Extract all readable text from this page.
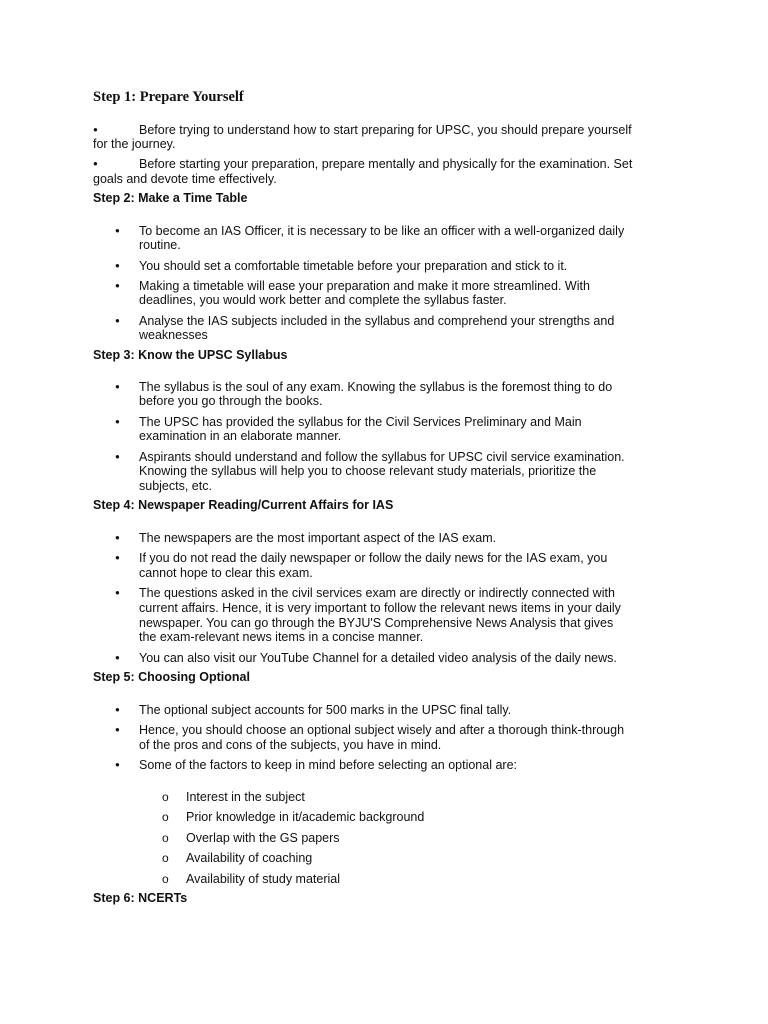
Step 1: Prepare Yourself
●	Before trying to understand how to start preparing for UPSC, you should prepare yourself
for the journey.
●	Before starting your preparation, prepare mentally and physically for the examination. Set
goals and devote time effectively.
Step 2: Make a Time Table
● To become an IAS Officer, it is necessary to be like an officer with a well-organized daily
routine.
● You should set a comfortable timetable before your preparation and stick to it.
● Making a timetable will ease your preparation and make it more streamlined. With
deadlines, you would work better and complete the syllabus faster.
● Analyse the IAS subjects included in the syllabus and comprehend your strengths and
weaknesses
Step 3: Know the UPSC Syllabus
● The syllabus is the soul of any exam. Knowing the syllabus is the foremost thing to do
before you go through the books.
● The UPSC has provided the syllabus for the Civil Services Preliminary and Main
examination in an elaborate manner.
● Aspirants should understand and follow the syllabus for UPSC civil service examination.
Knowing the syllabus will help you to choose relevant study materials, prioritize the
subjects, etc.
Step 4: Newspaper Reading/Current Affairs for IAS
● The newspapers are the most important aspect of the IAS exam.
● If you do not read the daily newspaper or follow the daily news for the IAS exam, you
cannot hope to clear this exam.
● The questions asked in the civil services exam are directly or indirectly connected with
current affairs. Hence, it is very important to follow the relevant news items in your daily
newspaper. You can go through the BYJU'S Comprehensive News Analysis that gives
the exam-relevant news items in a concise manner.
● You can also visit our YouTube Channel for a detailed video analysis of the daily news.
Step 5: Choosing Optional
● The optional subject accounts for 500 marks in the UPSC final tally.
● Hence, you should choose an optional subject wisely and after a thorough think-through
of the pros and cons of the subjects, you have in mind.
● Some of the factors to keep in mind before selecting an optional are:
o Interest in the subject
o Prior knowledge in it/academic background
o Overlap with the GS papers
o Availability of coaching
o Availability of study material
Step 6: NCERTs
